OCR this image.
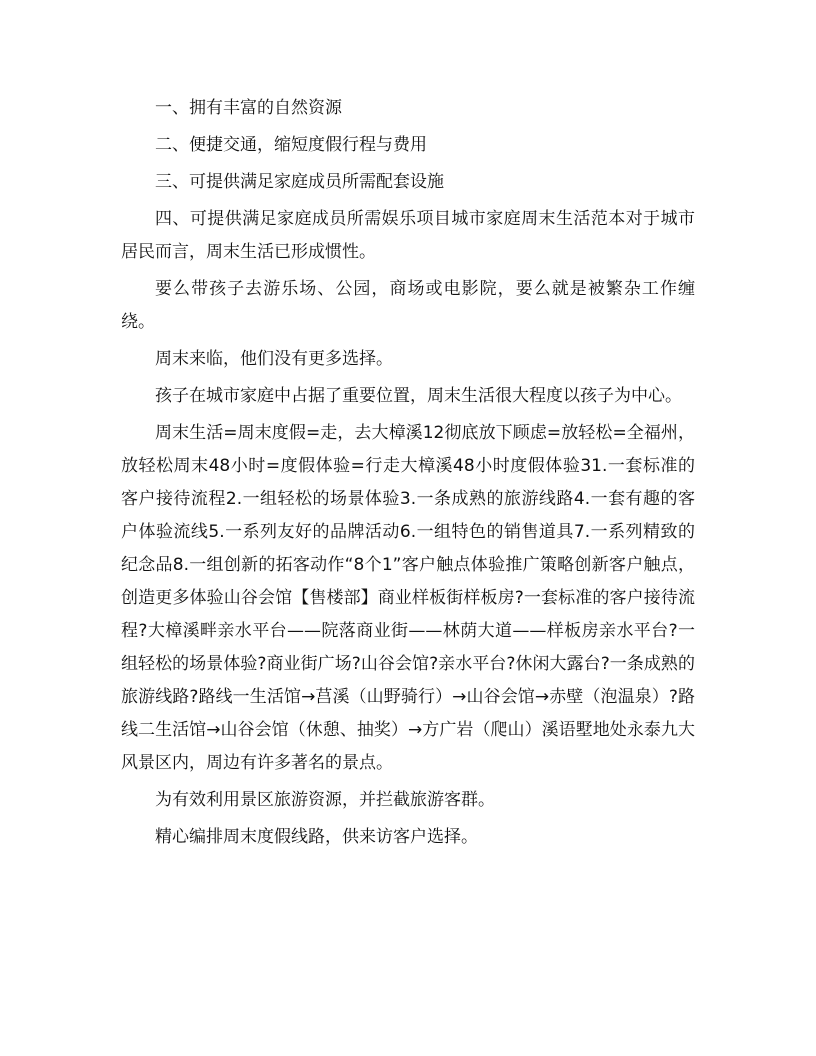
一、拥有丰富的自然资源

二、便捷交通，缩短度假行程与费用

三、可提供满足家庭成员所需配套设施

四、可提供满足家庭成员所需娱乐项目城市家庭周末生活范本对于城市居民而言，周末生活已形成惯性。

要么带孩子去游乐场、公园，商场或电影院，要么就是被繁杂工作缠绕。

周末来临，他们没有更多选择。

孩子在城市家庭中占据了重要位置，周末生活很大程度以孩子为中心。

周末生活=周末度假=走，去大樟溪12彻底放下顾虑=放轻松=全福州，放轻松周末48小时=度假体验=行走大樟溪48小时度假体验31.一套标准的客户接待流程2.一组轻松的场景体验3.一条成熟的旅游线路4.一套有趣的客户体验流线5.一系列友好的品牌活动6.一组特色的销售道具7.一系列精致的纪念品8.一组创新的拓客动作“8个1”客户触点体验推广策略创新客户触点，创造更多体验山谷会馆【售楼部】商业样板街样板房?一套标准的客户接待流程?大樟溪畔亲水平台——院落商业街——林荫大道——样板房亲水平台?一组轻松的场景体验?商业街广场?山谷会馆?亲水平台?休闲大露台?一条成熟的旅游线路?路线一生活馆→莒溪（山野骑行）→山谷会馆→赤壁（泡温泉）?路线二生活馆→山谷会馆（休憩、抽奖）→方广岩（爬山）溪语墅地处永泰九大风景区内，周边有许多著名的景点。

为有效利用景区旅游资源，并拦截旅游客群。

精心编排周末度假线路，供来访客户选择。
